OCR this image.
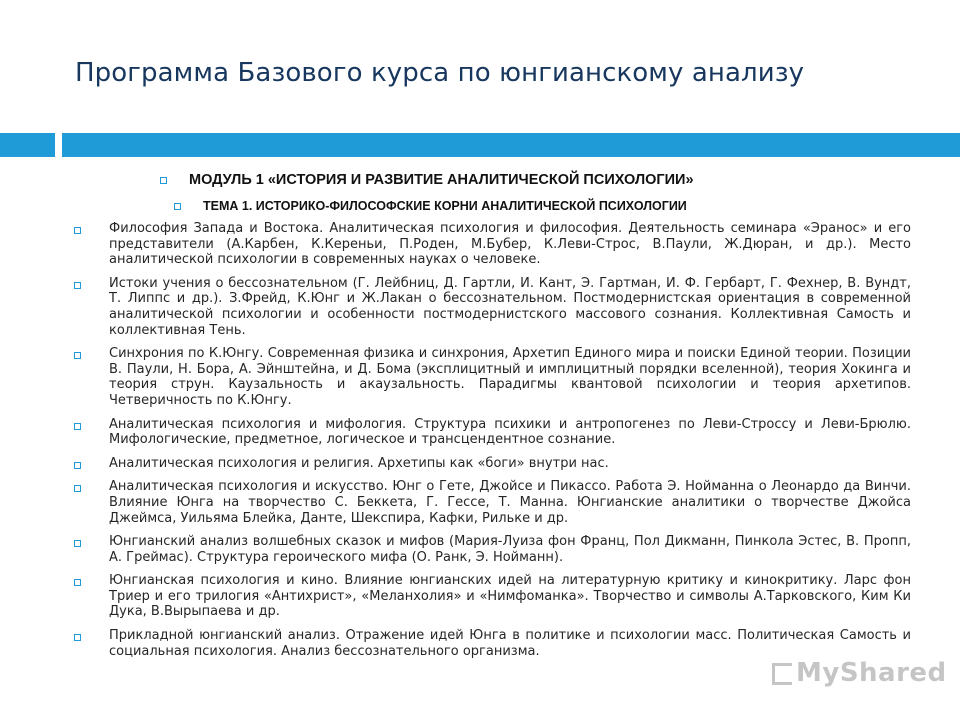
Программа Базового курса по юнгианскому анализу
МОДУЛЬ 1 «ИСТОРИЯ И РАЗВИТИЕ АНАЛИТИЧЕСКОЙ ПСИХОЛОГИИ»
ТЕМА 1. ИСТОРИКО-ФИЛОСОФСКИЕ КОРНИ АНАЛИТИЧЕСКОЙ ПСИХОЛОГИИ
Философия Запада и Востока. Аналитическая психология и философия. Деятельность семинара «Эранос» и его представители (А.Карбен, К.Кереньи, П.Роден, М.Бубер, К.Леви-Строс, В.Паули, Ж.Дюран, и др.). Место аналитической психологии в современных науках о человеке.
Истоки учения о бессознательном (Г. Лейбниц, Д. Гартли, И. Кант, Э. Гартман, И. Ф. Гербарт, Г. Фехнер, В. Вундт, Т. Липпс и др.). З.Фрейд, К.Юнг и Ж.Лакан о бессознательном. Постмодернистская ориентация в современной аналитической психологии и особенности постмодернистского массового сознания. Коллективная Самость и коллективная Тень.
Синхрония по К.Юнгу. Современная физика и синхрония, Архетип Единого мира и поиски Единой теории. Позиции В. Паули, Н. Бора, А. Эйнштейна, и Д. Бома (эксплицитный и имплицитный порядки вселенной), теория Хокинга и теория струн. Каузальность и акаузальность. Парадигмы квантовой психологии и теория архетипов. Четверичность по К.Юнгу.
Аналитическая психология и мифология. Структура психики и антропогенез по Леви-Строссу и Леви-Брюлю. Мифологические, предметное, логическое и трансцендентное сознание.
Аналитическая психология и религия. Архетипы как «боги» внутри нас.
Аналитическая психология и искусство. Юнг о Гете, Джойсе и Пикассо. Работа Э. Нойманна о Леонардо да Винчи. Влияние Юнга на творчество С. Беккета, Г. Гессе, Т. Манна. Юнгианские аналитики о творчестве Джойса Джеймса, Уильяма Блейка, Данте, Шекспира, Кафки, Рильке и др.
Юнгианский анализ волшебных сказок и мифов (Мария-Луиза фон Франц, Пол Дикманн, Пинкола Эстес, В. Пропп, А. Греймас). Структура героического мифа (О. Ранк, Э. Нойманн).
Юнгианская психология и кино. Влияние юнгианских идей на литературную критику и кинокритику. Ларс фон Триер и его трилогия «Антихрист», «Меланхолия» и «Нимфоманка». Творчество и символы А.Тарковского, Ким Ки Дука, В.Вырыпаева и др.
Прикладной юнгианский анализ. Отражение идей Юнга в политике и психологии масс. Политическая Самость и социальная психология. Анализ бессознательного организма.
МyShared
